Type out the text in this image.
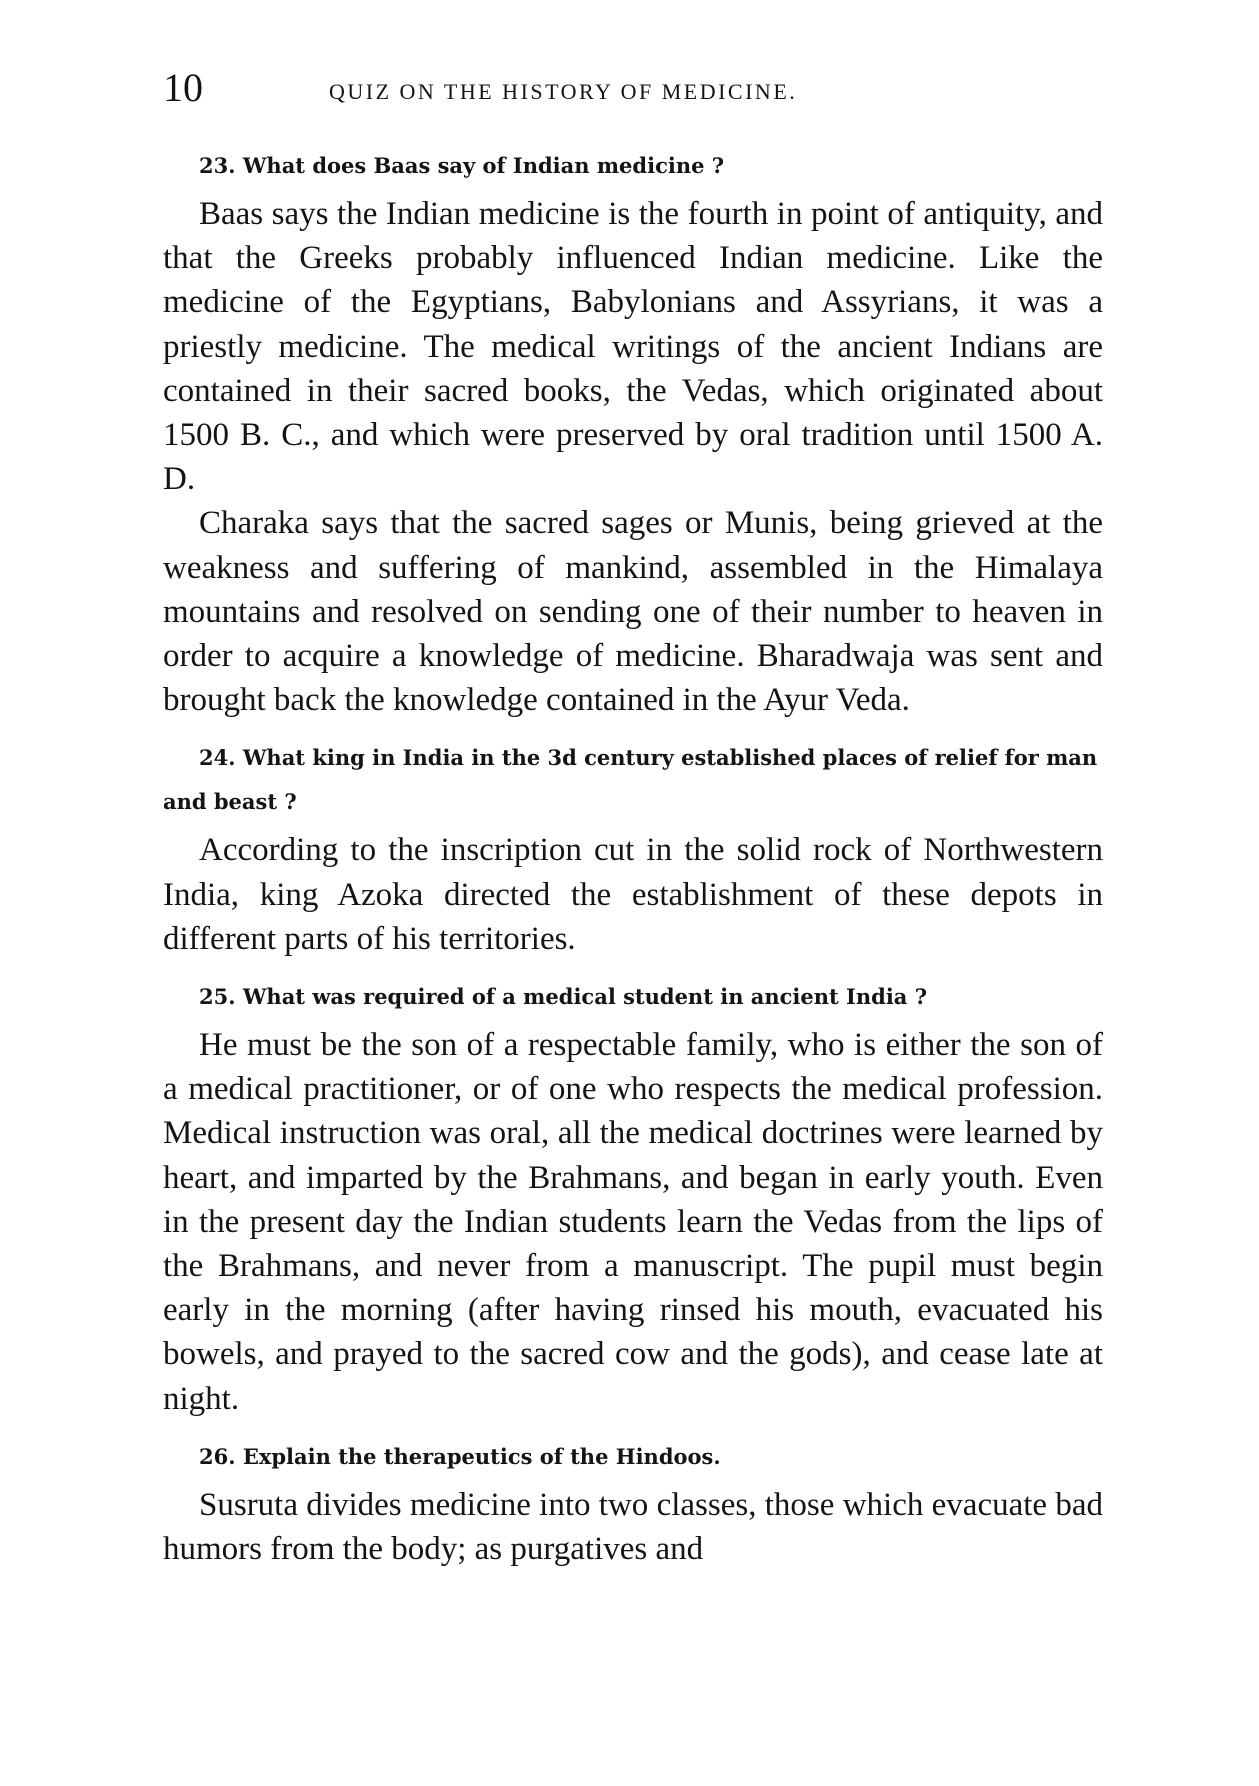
10	QUIZ ON THE HISTORY OF MEDICINE.

23. What does Baas say of Indian medicine ?

Baas says the Indian medicine is the fourth in point of antiquity, and that the Greeks probably influenced Indian medicine. Like the medicine of the Egyptians, Babylonians and Assyrians, it was a priestly medicine. The medical writings of the ancient Indians are contained in their sacred books, the Vedas, which originated about 1500 B. C., and which were preserved by oral tradition until 1500 A. D.

Charaka says that the sacred sages or Munis, being grieved at the weakness and suffering of mankind, assembled in the Himalaya mountains and resolved on sending one of their number to heaven in order to acquire a knowledge of medicine. Bharadwaja was sent and brought back the knowledge contained in the Ayur Veda.

24. What king in India in the 3d century established places of relief for man and beast ?

According to the inscription cut in the solid rock of Northwestern India, king Azoka directed the establishment of these depots in different parts of his territories.

25. What was required of a medical student in ancient India ?

He must be the son of a respectable family, who is either the son of a medical practitioner, or of one who respects the medical profession. Medical instruction was oral, all the medical doctrines were learned by heart, and imparted by the Brahmans, and began in early youth. Even in the present day the Indian students learn the Vedas from the lips of the Brahmans, and never from a manuscript. The pupil must begin early in the morning (after having rinsed his mouth, evacuated his bowels, and prayed to the sacred cow and the gods), and cease late at night.

26. Explain the therapeutics of the Hindoos.

Susruta divides medicine into two classes, those which evacuate bad humors from the body; as purgatives and
